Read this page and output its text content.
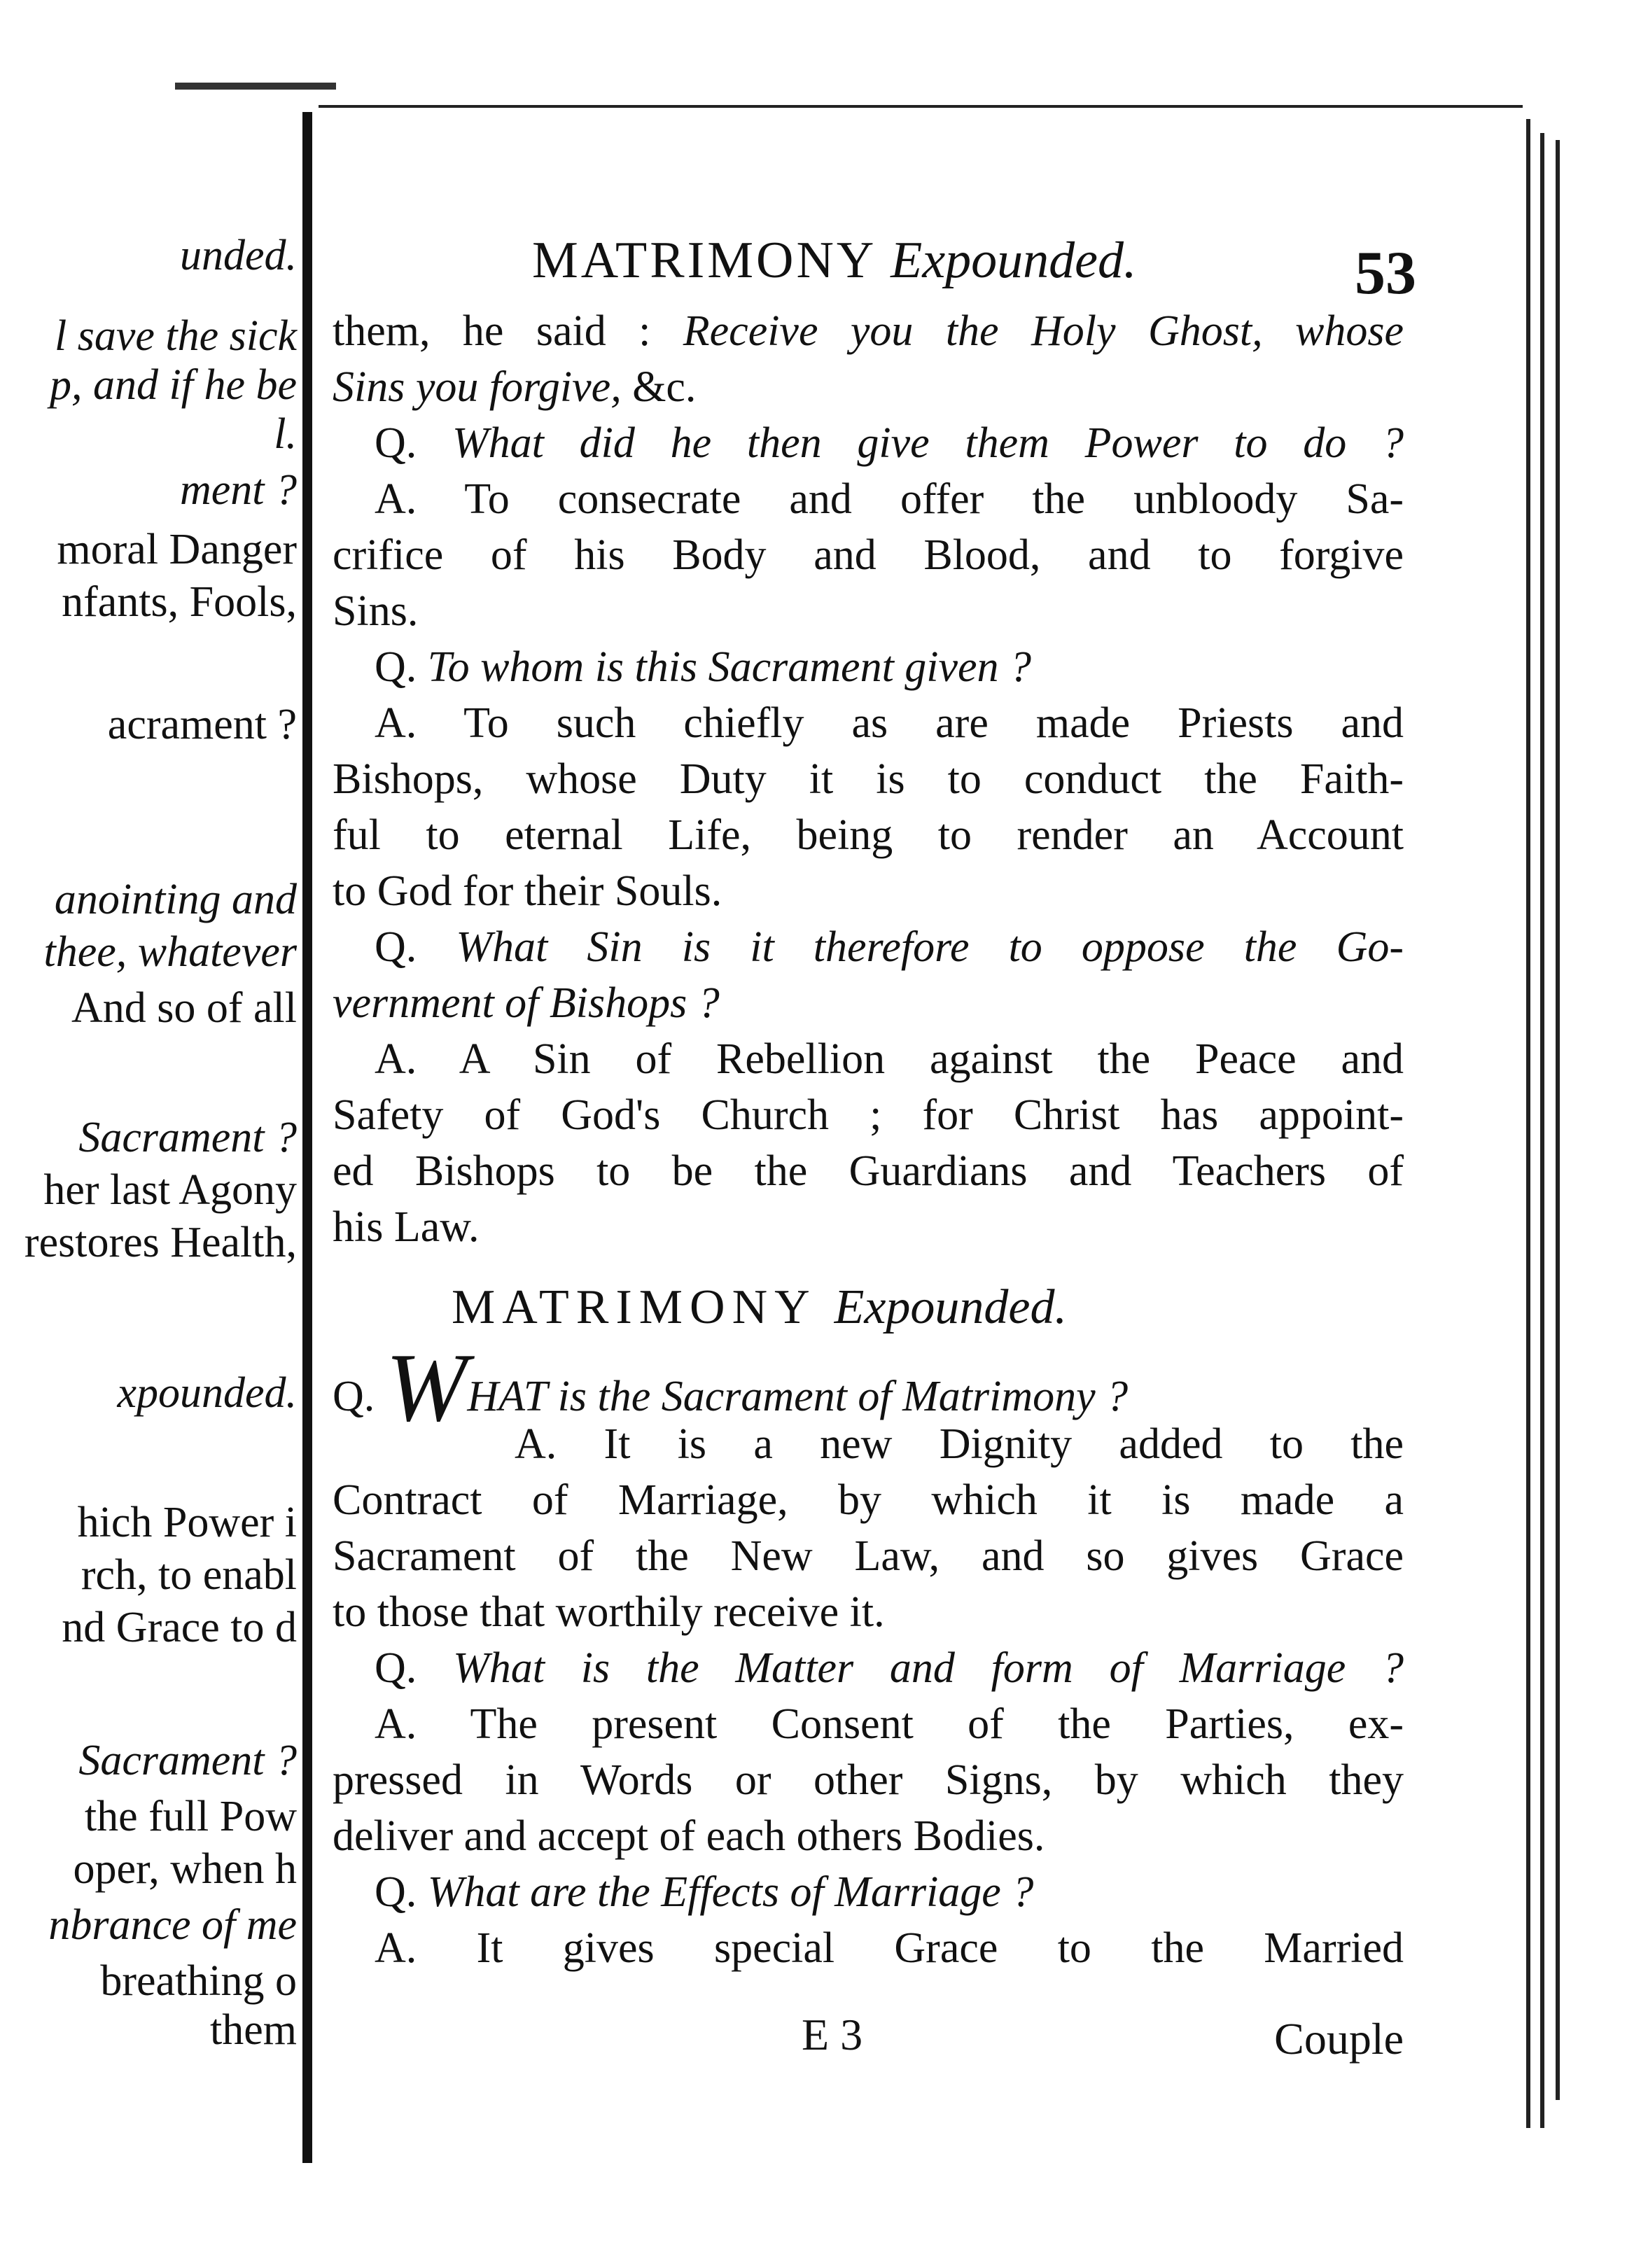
unded.
l save the sick
p, and if he be
l.
ment ?
moral Danger
nfants, Fools,
acrament ?
anointing and
thee, whatever
And so of all
Sacrament ?
her last Agony
restores Health,
xpounded.
hich Power i
rch, to enabl
nd Grace to d
Sacrament ?
the full Pow
oper, when h
nbrance of me
breathing o
them
MATRIMONY Expounded.	53
them, he said : Receive you the Holy Ghost, whose
Sins you forgive, &c.
Q. What did he then give them Power to do ?
A. To consecrate and offer the unbloody Sa-
crifice of his Body and Blood, and to forgive
Sins.
Q. To whom is this Sacrament given ?
A. To such chiefly as are made Priests and
Bishops, whose Duty it is to conduct the Faith-
ful to eternal Life, being to render an Account
to God for their Souls.
Q. What Sin is it therefore to oppose the Go-
vernment of Bishops ?
A. A Sin of Rebellion against the Peace and
Safety of God's Church ; for Christ has appoint-
ed Bishops to be the Guardians and Teachers of
his Law.
MATRIMONY Expounded.
Q. WHAT is the Sacrament of Matrimony ?
A. It is a new Dignity added to the
Contract of Marriage, by which it is made a
Sacrament of the New Law, and so gives Grace
to those that worthily receive it.
Q. What is the Matter and form of Marriage ?
A. The present Consent of the Parties, ex-
pressed in Words or other Signs, by which they
deliver and accept of each others Bodies.
Q. What are the Effects of Marriage ?
A. It gives special Grace to the Married
E 3	Couple
